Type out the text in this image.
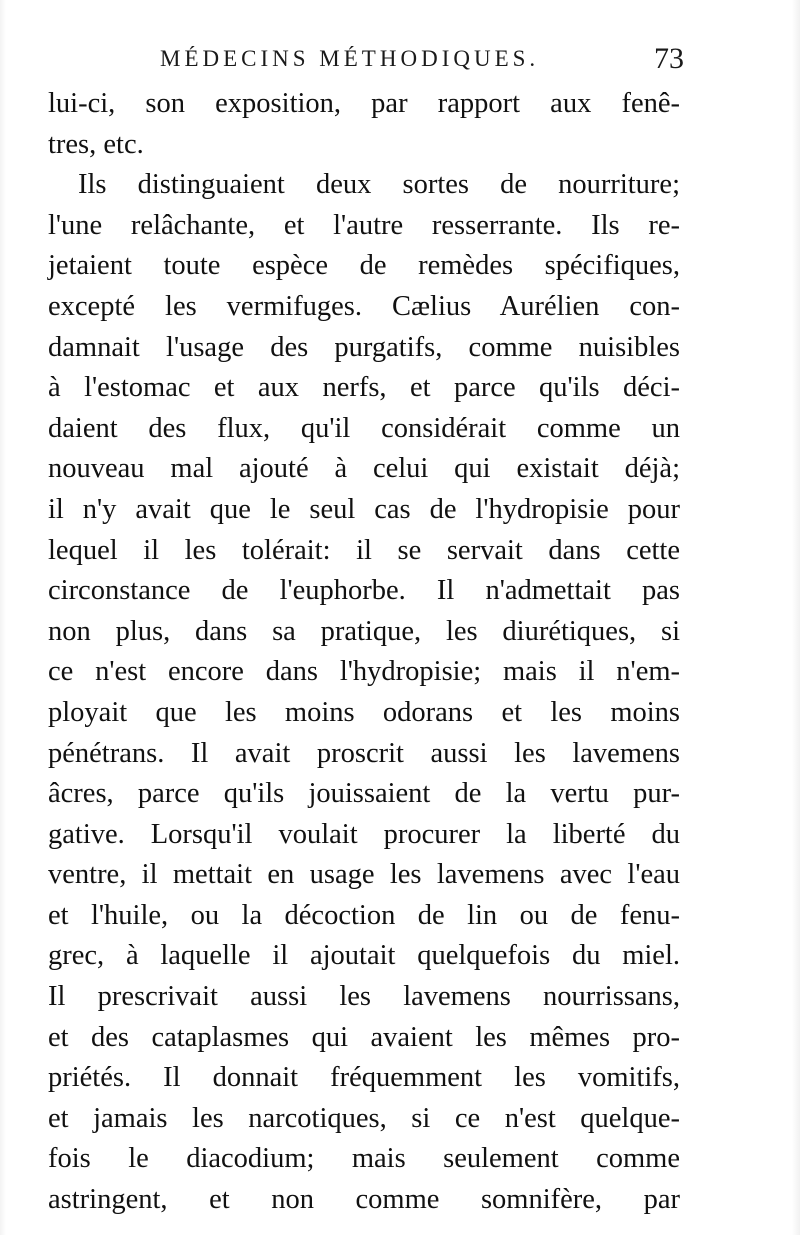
MÉDECINS MÉTHODIQUES.	73
lui-ci, son exposition, par rapport aux fenê-
tres, etc.
Ils distinguaient deux sortes de nourriture;
l'une relâchante, et l'autre resserrante. Ils re-
jetaient toute espèce de remèdes spécifiques,
excepté les vermifuges. Cælius Aurélien con-
damnait l'usage des purgatifs, comme nuisibles
à l'estomac et aux nerfs, et parce qu'ils déci-
daient des flux, qu'il considérait comme un
nouveau mal ajouté à celui qui existait déjà;
il n'y avait que le seul cas de l'hydropisie pour
lequel il les tolérait: il se servait dans cette
circonstance de l'euphorbe. Il n'admettait pas
non plus, dans sa pratique, les diurétiques, si
ce n'est encore dans l'hydropisie; mais il n'em-
ployait que les moins odorans et les moins
pénétrans. Il avait proscrit aussi les lavemens
âcres, parce qu'ils jouissaient de la vertu pur-
gative. Lorsqu'il voulait procurer la liberté du
ventre, il mettait en usage les lavemens avec l'eau
et l'huile, ou la décoction de lin ou de fenu-
grec, à laquelle il ajoutait quelquefois du miel.
Il prescrivait aussi les lavemens nourrissans,
et des cataplasmes qui avaient les mêmes pro-
priétés. Il donnait fréquemment les vomitifs,
et jamais les narcotiques, si ce n'est quelque-
fois le diacodium; mais seulement comme
astringent, et non comme somnifère, par
